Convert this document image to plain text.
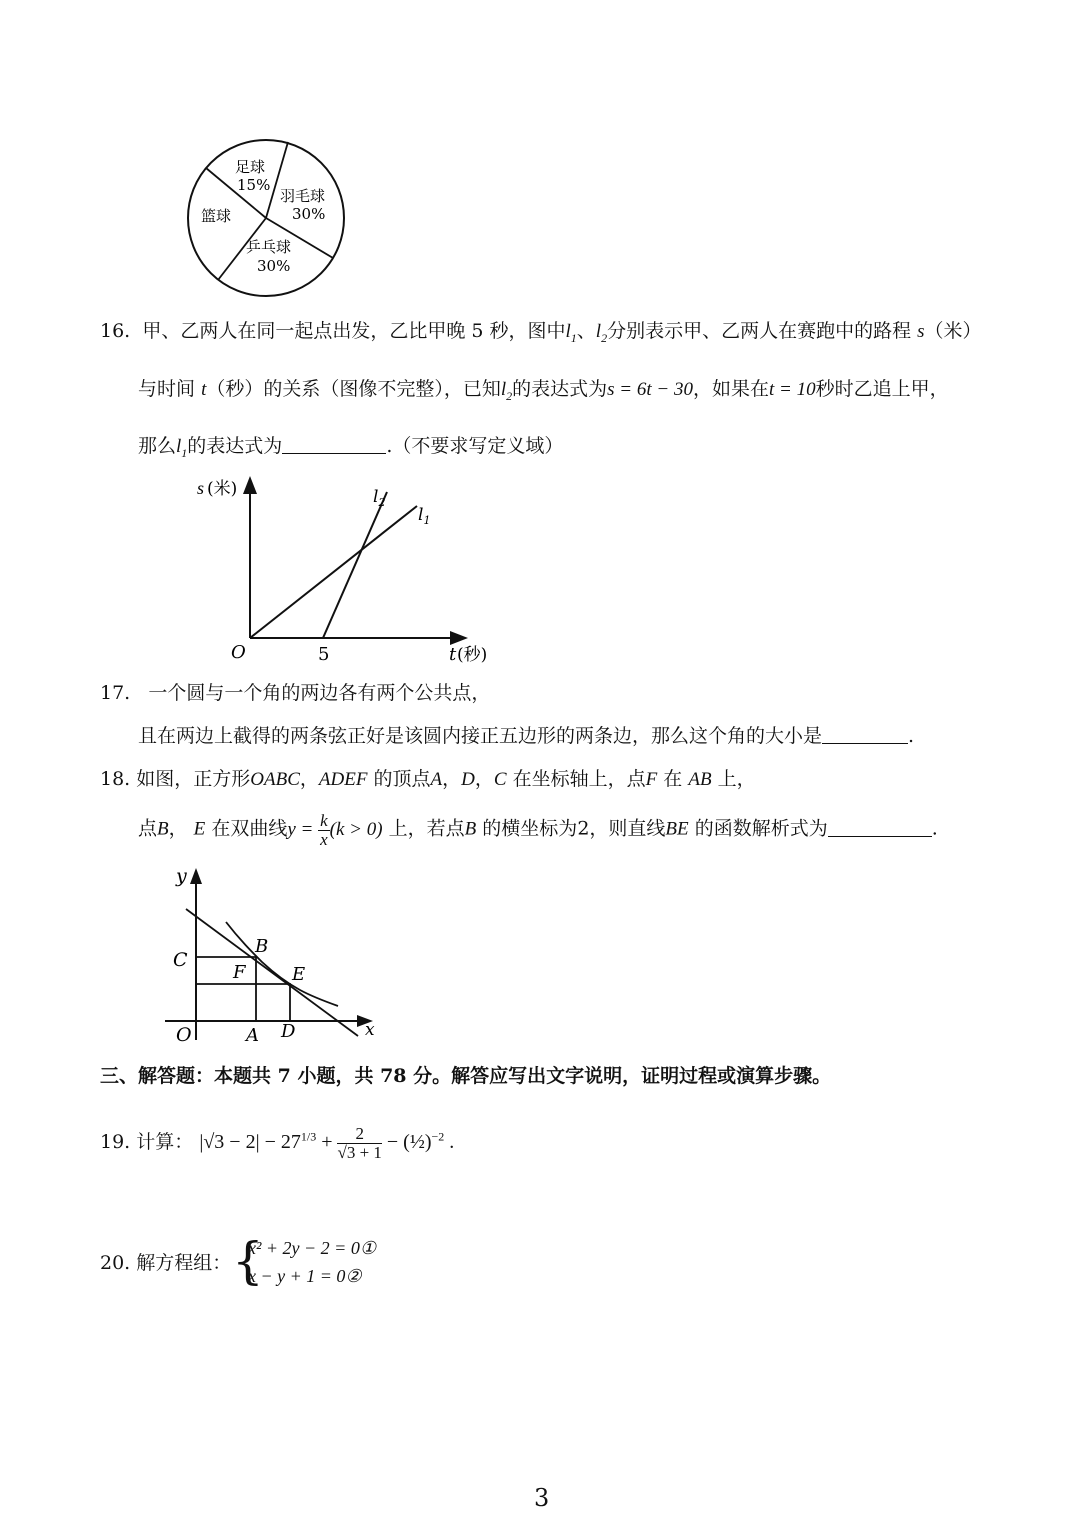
足球
15%
羽毛球
30%
篮球
乒乓球
30%
16. 甲、乙两人在同一起点出发，乙比甲晚 5 秒，图中$l_1$、$l_2$分别表示甲、乙两人在赛跑中的路程 s（米）
与时间 t（秒）的关系（图像不完整），已知$l_2$的表达式为s = 6t − 30，如果在t = 10秒时乙追上甲，
那么$l_1$的表达式为	.（不要求写定义域）
s (米)
O	5	t (秒)
$l_2$
$l_1$
17. 一个圆与一个角的两边各有两个公共点，
且在两边上截得的两条弦正好是该圆内接正五边形的两条边，那么这个角的大小是	.
18. 如图，正方形OABC，ADEF 的顶点A，D，C 在坐标轴上，点F 在 AB 上，
点B， E 在双曲线$y = \frac{k}{x} (k > 0)$ 上，若点B 的横坐标为2，则直线BE 的函数解析式为	.
y
x
C
B
F	E
O	A D
三、解答题：本题共 7 小题，共 78 分。解答应写出文字说明，证明过程或演算步骤。
19. 计算： $|√3 - 2| - 27^{1/3} + \frac{2}{√3 + 1}$ − (½)$^{-2}$ .
20. 解方程组： {
x² + 2y − 2 = 0①
x − y + 1 = 0②
3
